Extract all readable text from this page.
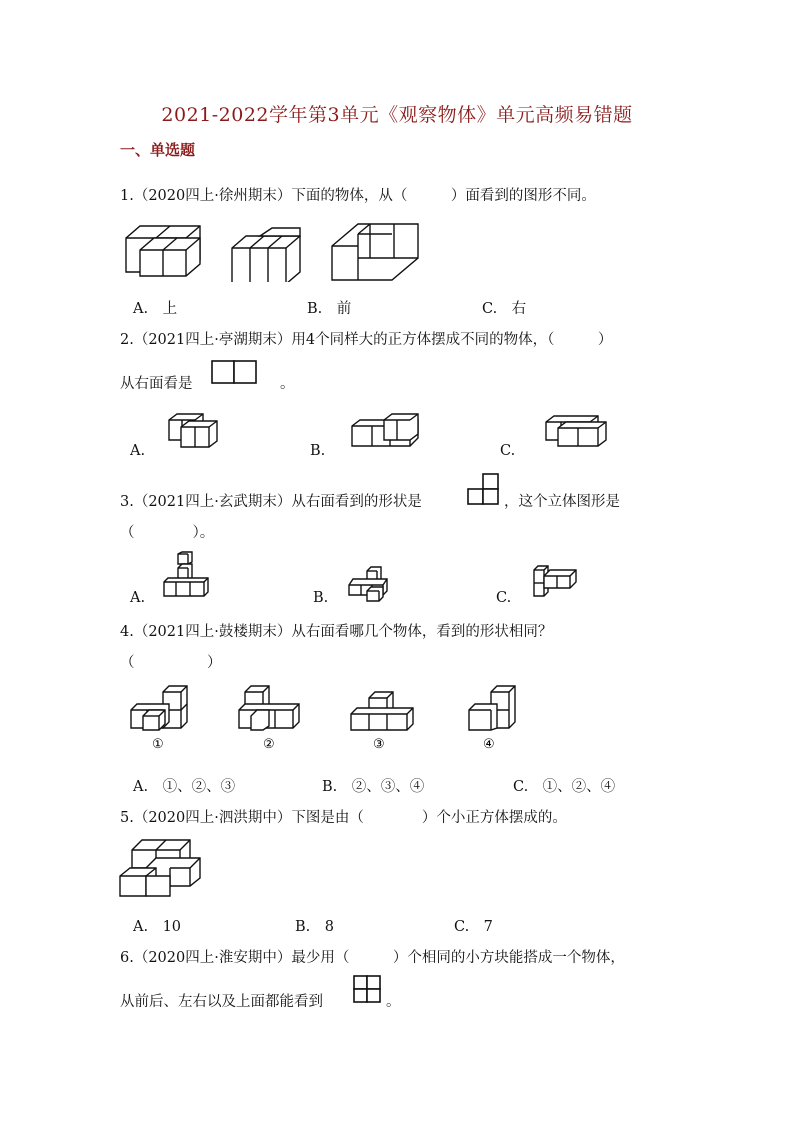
2021-2022学年第3单元《观察物体》单元高频易错题
一、单选题
1.（2020四上·徐州期末）下面的物体，从（　　　）面看到的图形不同。
A.　上	B.　前	C.　右
2.（2021四上·亭湖期末）用4个同样大的正方体摆成不同的物体，（　　　）
从右面看是	。
A.	B.	C.
3.（2021四上·玄武期末）从右面看到的形状是	，这个立体图形是
（　　　　）。
A.	B.	C.
4.（2021四上·鼓楼期末）从右面看哪几个物体，看到的形状相同？
（　　　　　）
①	②	③	④
A.　①、②、③	B.　②、③、④	C.　①、②、④
5.（2020四上·泗洪期中）下图是由（　　　　）个小正方体摆成的。
A.　10	B.　8	C.　7
6.（2020四上·淮安期中）最少用（　　　）个相同的小方块能搭成一个物体，
从前后、左右以及上面都能看到	。
